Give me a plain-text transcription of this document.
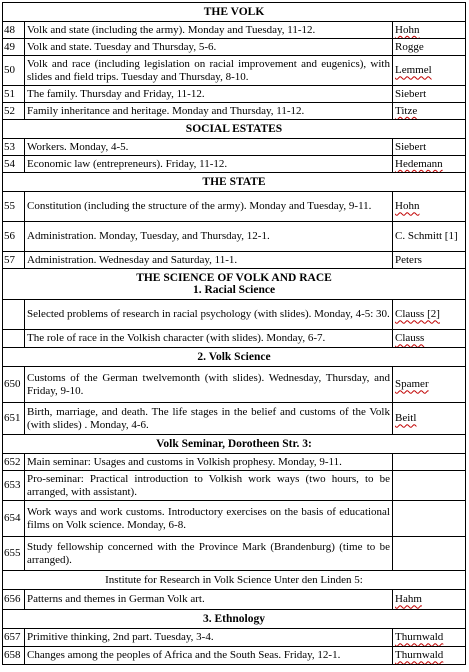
THE VOLK		
48	Volk and state (including the army). Monday and Tuesday, 11-12.	Hohn
49	Volk and state. Tuesday and Thursday, 5-6.	Rogge
50	Volk and race (including legislation on racial improvement and eugenics), with slides and field trips. Tuesday and Thursday, 8-10.	Lemmel
51	The family. Thursday and Friday, 11-12.	Siebert
52	Family inheritance and heritage. Monday and Thursday, 11-12.	Titze
SOCIAL ESTATES		
53	Workers. Monday, 4-5.	Siebert
54	Economic law (entrepreneurs). Friday, 11-12.	Hedemann
THE STATE		
55	Constitution (including the structure of the army). Monday and Tuesday, 9-11.	Hohn
56	Administration. Monday, Tuesday, and Thursday, 12-1.	C. Schmitt [1]
57	Administration. Wednesday and Saturday, 11-1.	Peters

THE SCIENCE OF VOLK AND RACE
1. Racial Science		

	Selected problems of research in racial psychology (with slides). Monday, 4-5: 30.	Clauss [2]
	The role of race in the Volkish character (with slides). Monday, 6-7.	Clauss
2. Volk Science		
650	Customs of the German twelvemonth (with slides). Wednesday, Thursday, and Friday, 9-10.	Spamer
651	Birth, marriage, and death. The life stages in the belief and customs of the Volk (with slides) . Monday, 4-6.	Beitl
Volk Seminar, Dorotheen Str. 3:		
652	Main seminar: Usages and customs in Volkish prophesy. Monday, 9-11.	
653	Pro-seminar: Practical introduction to Volkish work ways (two hours, to be arranged, with assistant).	
654	Work ways and work customs. Introductory exercises on the basis of educational films on Volk science. Monday, 6-8.	
655	Study fellowship concerned with the Province Mark (Brandenburg) (time to be arranged).	
Institute for Research in Volk Science Unter den Linden 5:		
656	Patterns and themes in German Volk art.	Hahm
3. Ethnology		
657	Primitive thinking, 2nd part. Tuesday, 3-4.	Thurnwald
658	Changes among the peoples of Africa and the South Seas. Friday, 12-1.	Thurnwald
